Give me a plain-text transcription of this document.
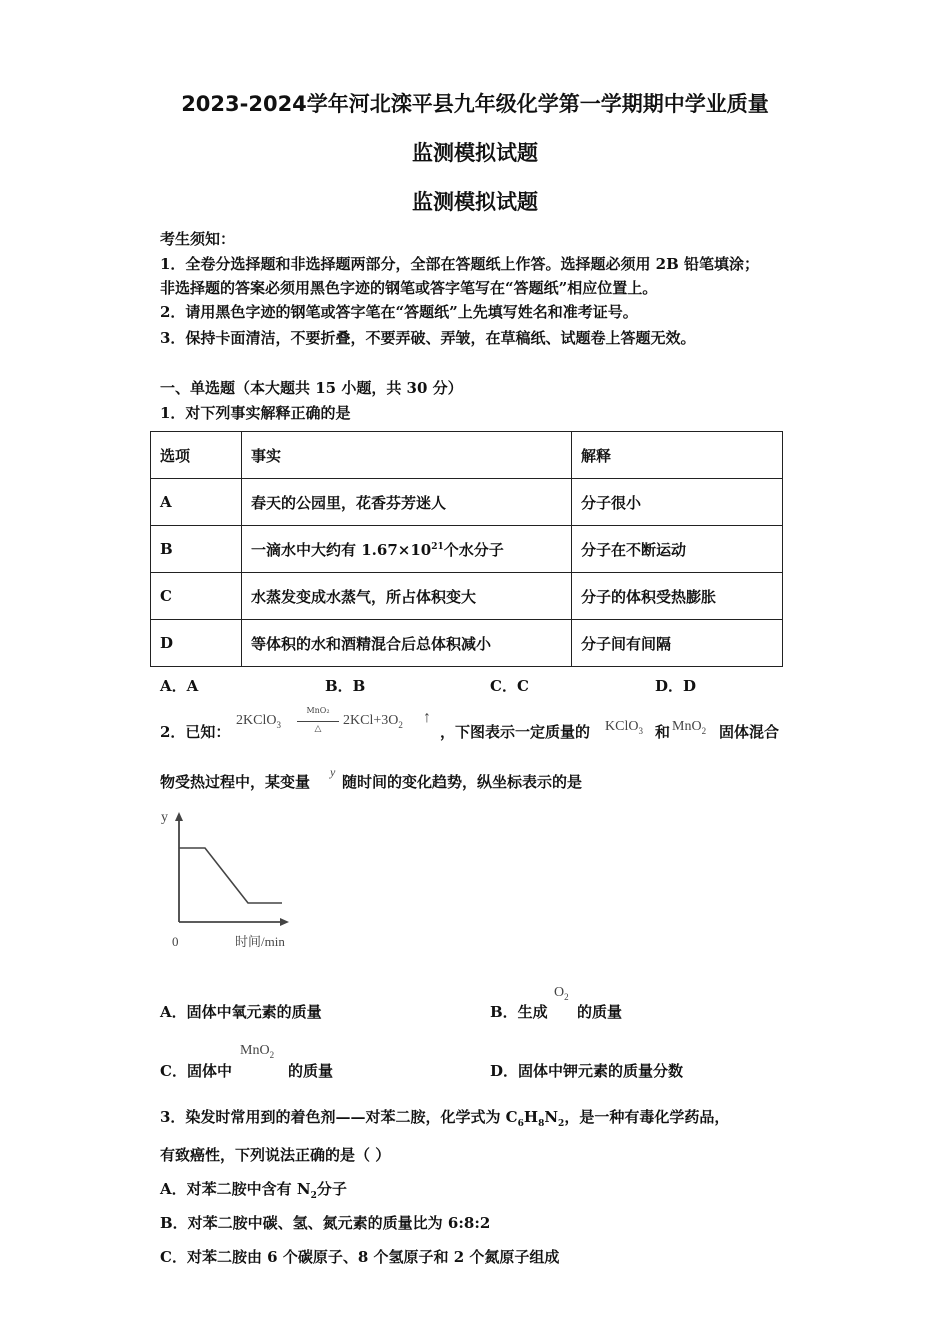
2023-2024学年河北滦平县九年级化学第一学期期中学业质量
监测模拟试题
监测模拟试题
考生须知：
1．全卷分选择题和非选择题两部分，全部在答题纸上作答。选择题必须用 2B 铅笔填涂；
非选择题的答案必须用黑色字迹的钢笔或答字笔写在“答题纸”相应位置上。
2．请用黑色字迹的钢笔或答字笔在“答题纸”上先填写姓名和准考证号。
3．保持卡面清洁，不要折叠，不要弄破、弄皱，在草稿纸、试题卷上答题无效。
一、单选题（本大题共 15 小题，共 30 分）
1．对下列事实解释正确的是
选项	事实	解释
A	春天的公园里，花香芬芳迷人	分子很小
B	一滴水中大约有 $1.67\times 10^{21}$个水分子	分子在不断运动
C	水蒸发变成水蒸气，所占体积变大	分子的体积受热膨胀
D	等体积的水和酒精混合后总体积减小	分子间有间隔
A．A	B．B	C．C	D．D
2．已知：
2KClO$_3$
MnO₂
△
$2KCl+3O_2$ ↑
，下图表示一定质量的 KClO$_3$ 和 MnO$_2$ 固体混合
物受热过程中，某变量
y
随时间的变化趋势，纵坐标表示的是
y
0	时间/min
A．固体中氧元素的质量	B．生成
$O_2$
的质量
C．固体中
MnO$_2$
的质量	D．固体中钾元素的质量分数
3．染发时常用到的着色剂——对苯二胺，化学式为 $C_6H_8N_2$，是一种有毒化学药品，
有致癌性，下列说法正确的是（ ）
A．对苯二胺中含有 $N_2$分子
B．对苯二胺中碳、氢、氮元素的质量比为 6:8:2
C．对苯二胺由 6 个碳原子、8 个氢原子和 2 个氮原子组成
